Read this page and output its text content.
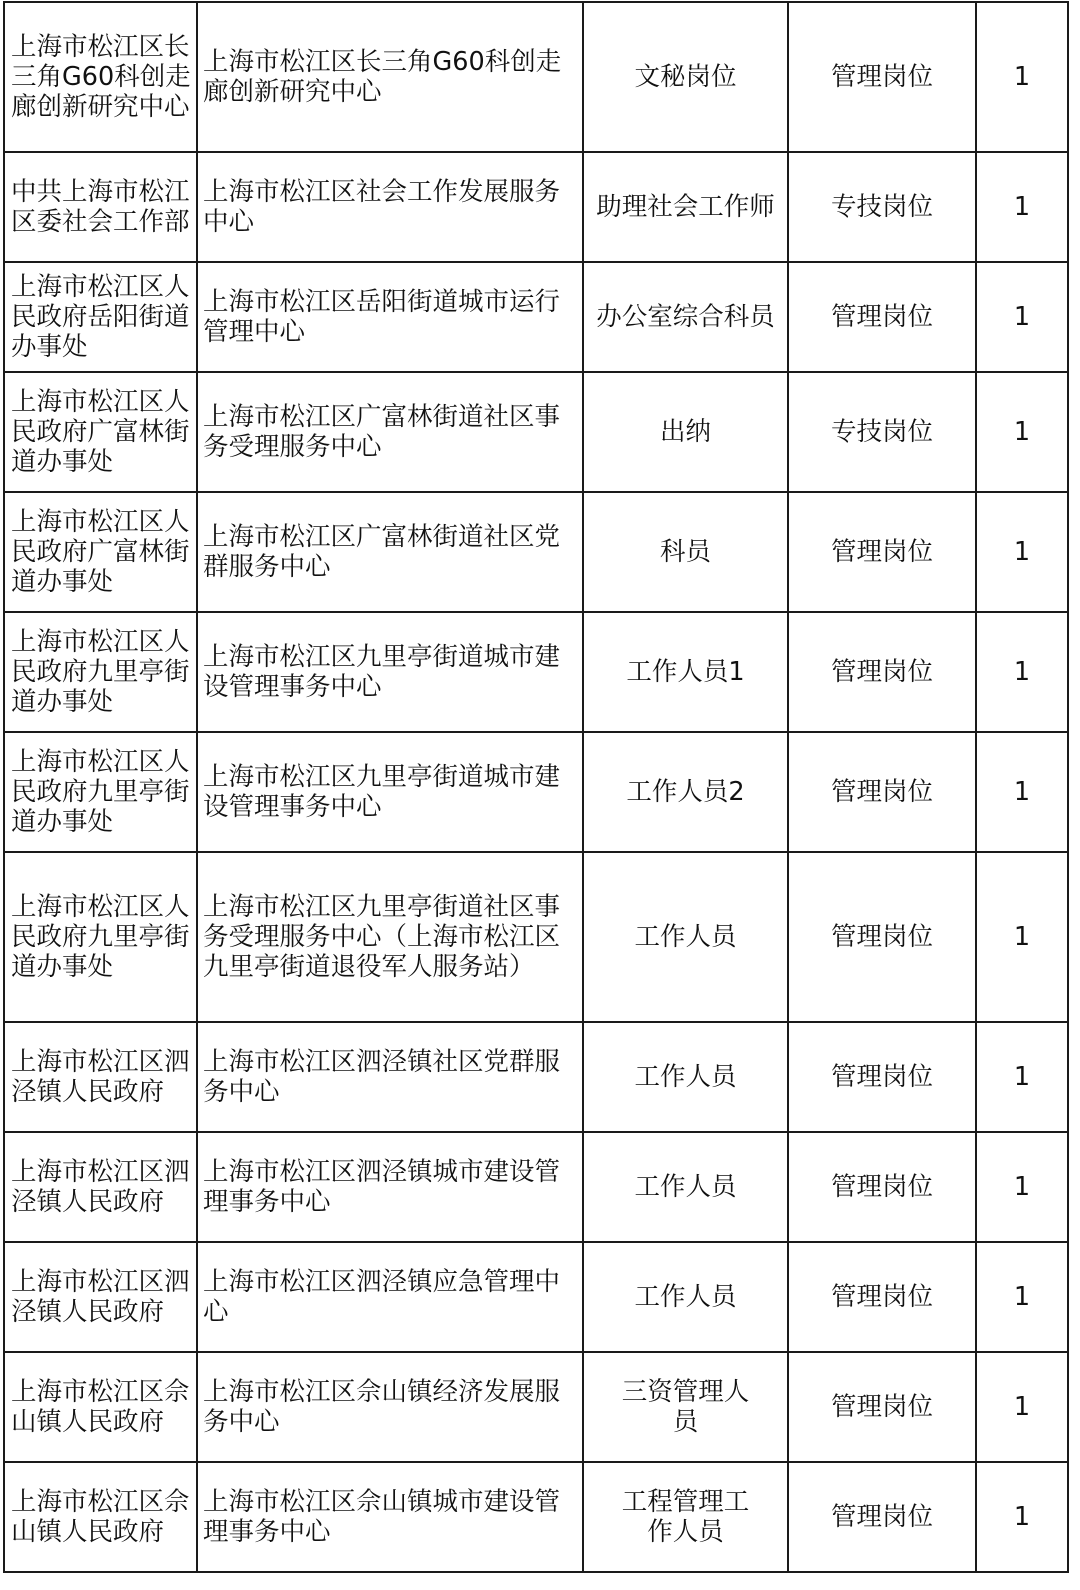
上海市松江区长三角G60科创走廊创新研究中心	上海市松江区长三角G60科创走廊创新研究中心	文秘岗位	管理岗位	1
中共上海市松江区委社会工作部	上海市松江区社会工作发展服务中心	助理社会工作师	专技岗位	1
上海市松江区人民政府岳阳街道办事处	上海市松江区岳阳街道城市运行管理中心	办公室综合科员	管理岗位	1
上海市松江区人民政府广富林街道办事处	上海市松江区广富林街道社区事务受理服务中心	出纳	专技岗位	1
上海市松江区人民政府广富林街道办事处	上海市松江区广富林街道社区党群服务中心	科员	管理岗位	1
上海市松江区人民政府九里亭街道办事处	上海市松江区九里亭街道城市建设管理事务中心	工作人员1	管理岗位	1
上海市松江区人民政府九里亭街道办事处	上海市松江区九里亭街道城市建设管理事务中心	工作人员2	管理岗位	1
上海市松江区人民政府九里亭街道办事处	上海市松江区九里亭街道社区事务受理服务中心（上海市松江区九里亭街道退役军人服务站）	工作人员	管理岗位	1
上海市松江区泗泾镇人民政府	上海市松江区泗泾镇社区党群服务中心	工作人员	管理岗位	1
上海市松江区泗泾镇人民政府	上海市松江区泗泾镇城市建设管理事务中心	工作人员	管理岗位	1
上海市松江区泗泾镇人民政府	上海市松江区泗泾镇应急管理中心	工作人员	管理岗位	1
上海市松江区佘山镇人民政府	上海市松江区佘山镇经济发展服务中心	三资管理人员	管理岗位	1
上海市松江区佘山镇人民政府	上海市松江区佘山镇城市建设管理事务中心	工程管理工作人员	管理岗位	1
